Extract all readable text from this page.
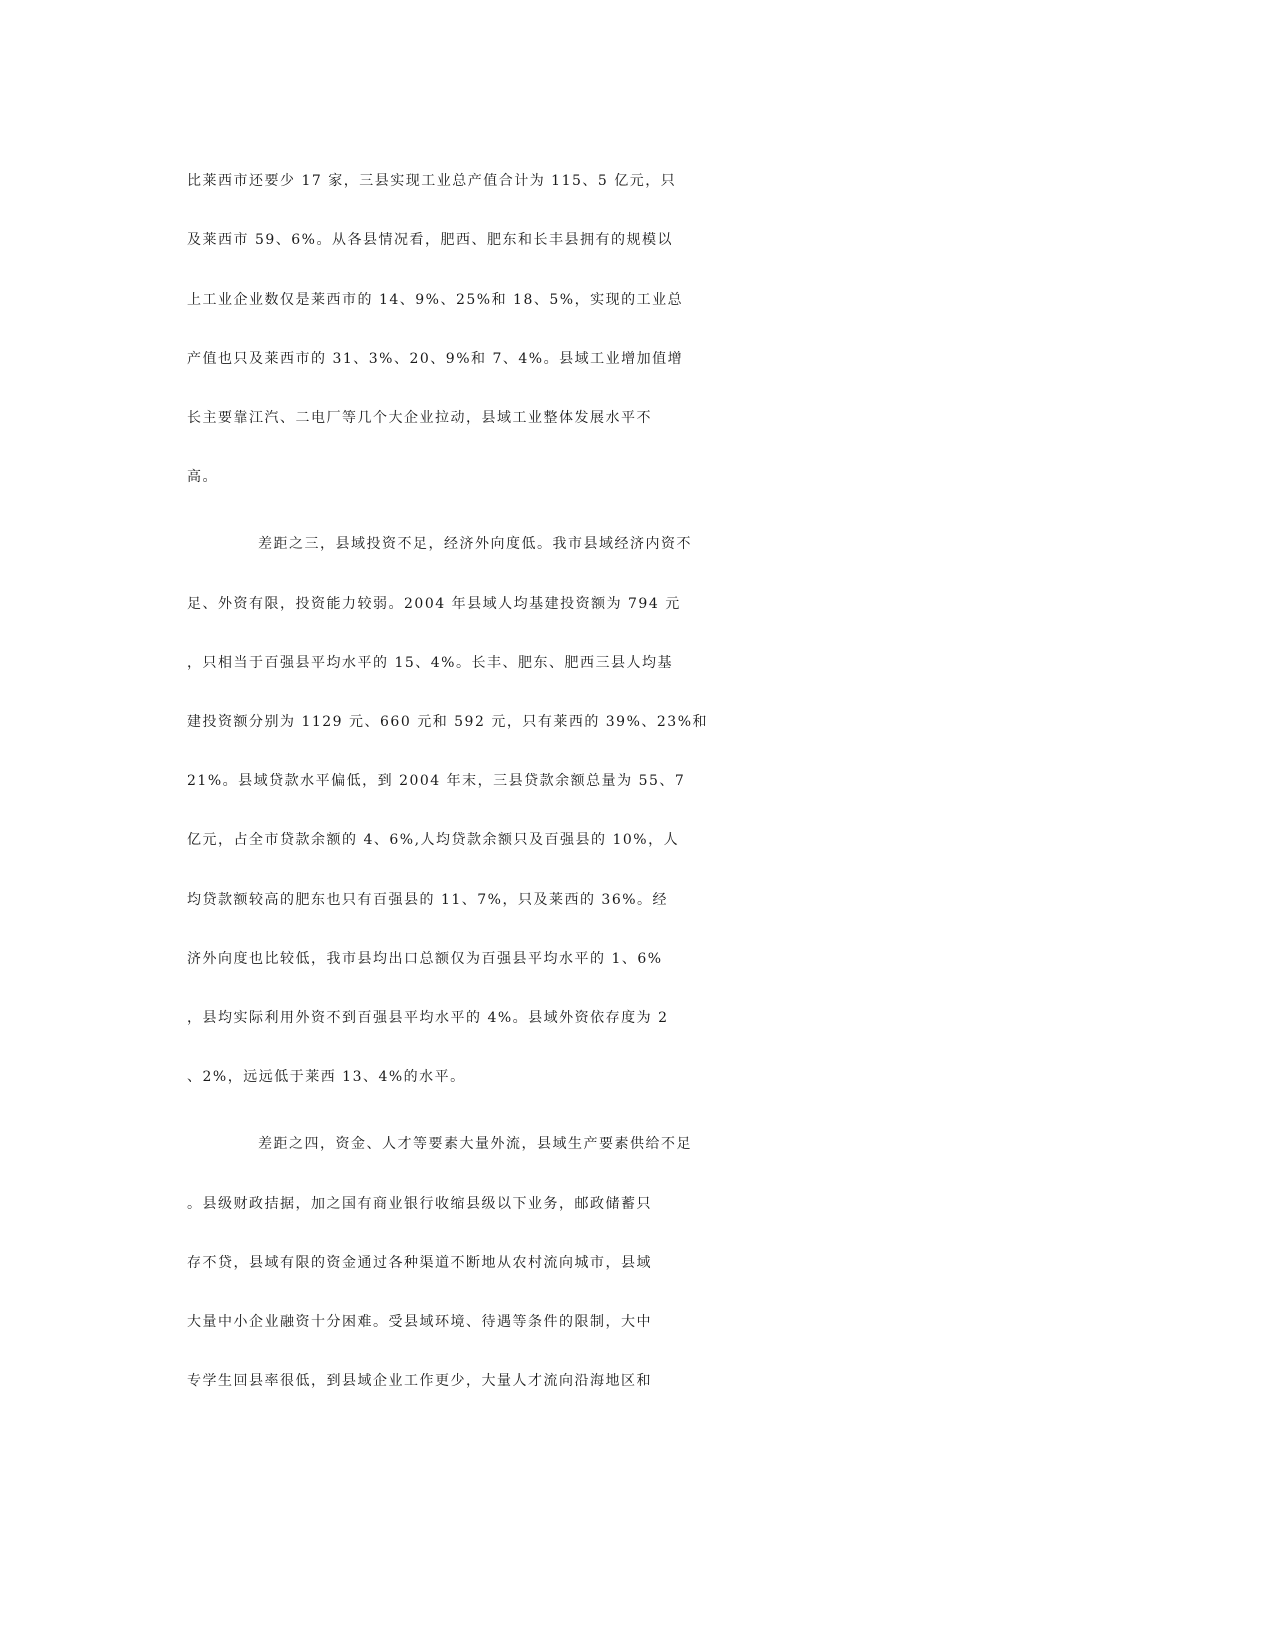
比莱西市还要少 17 家，三县实现工业总产值合计为 115、5 亿元，只
及莱西市 59、6%。从各县情况看，肥西、肥东和长丰县拥有的规模以
上工业企业数仅是莱西市的 14、9%、25%和 18、5%，实现的工业总
产值也只及莱西市的 31、3%、20、9%和 7、4%。县域工业增加值增
长主要靠江汽、二电厂等几个大企业拉动，县域工业整体发展水平不
高。
差距之三，县域投资不足，经济外向度低。我市县域经济内资不
足、外资有限，投资能力较弱。2004 年县域人均基建投资额为 794 元
，只相当于百强县平均水平的 15、4%。长丰、肥东、肥西三县人均基
建投资额分别为 1129 元、660 元和 592 元，只有莱西的 39%、23%和
21%。县域贷款水平偏低，到 2004 年末，三县贷款余额总量为 55、7
亿元，占全市贷款余额的 4、6%,人均贷款余额只及百强县的 10%，人
均贷款额较高的肥东也只有百强县的 11、7%，只及莱西的 36%。经
济外向度也比较低，我市县均出口总额仅为百强县平均水平的 1、6%
，县均实际利用外资不到百强县平均水平的 4%。县域外资依存度为 2
、2%，远远低于莱西 13、4%的水平。
差距之四，资金、人才等要素大量外流，县域生产要素供给不足
。县级财政拮据，加之国有商业银行收缩县级以下业务，邮政储蓄只
存不贷，县域有限的资金通过各种渠道不断地从农村流向城市，县域
大量中小企业融资十分困难。受县域环境、待遇等条件的限制，大中
专学生回县率很低，到县域企业工作更少，大量人才流向沿海地区和
